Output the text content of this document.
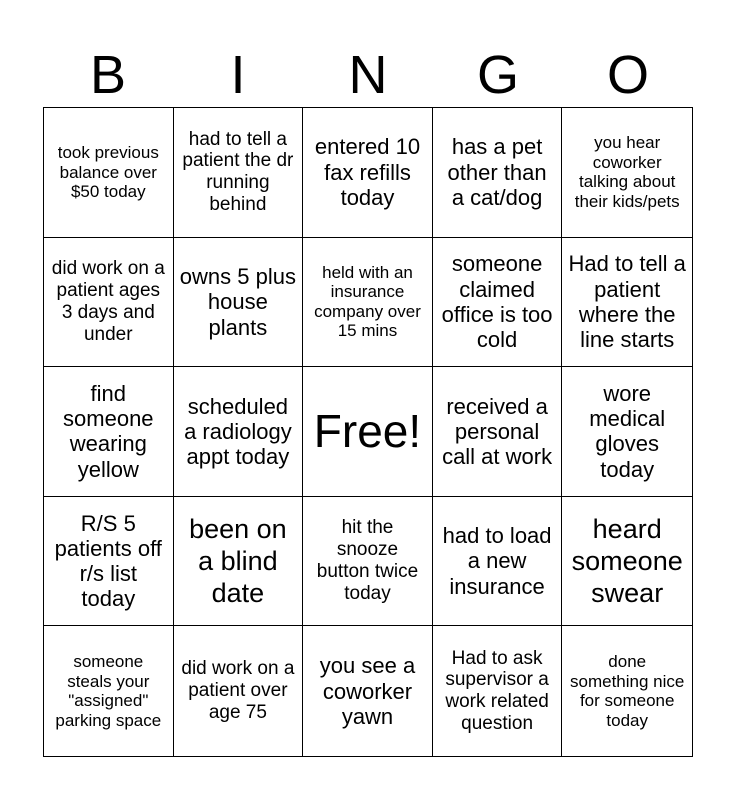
B	I	N	G	O
took previous balance over $50 today
had to tell a patient the dr running behind
entered 10 fax refills today
has a pet other than a cat/dog
you hear coworker talking about their kids/pets
did work on a patient ages 3 days and under
owns 5 plus house plants
held with an insurance company over 15 mins
someone claimed office is too cold
Had to tell a patient where the line starts
find someone wearing yellow
scheduled a radiology appt today Free!	received a personal call at work
wore medical gloves today
R/S 5 patients off r/s list today
been on a blind date
hit the snooze button twice today
had to load a new insurance
heard someone swear
someone steals your "assigned" parking space
did work on a patient over age 75
you see a coworker yawn
Had to ask supervisor a work related question
done something nice for someone today
